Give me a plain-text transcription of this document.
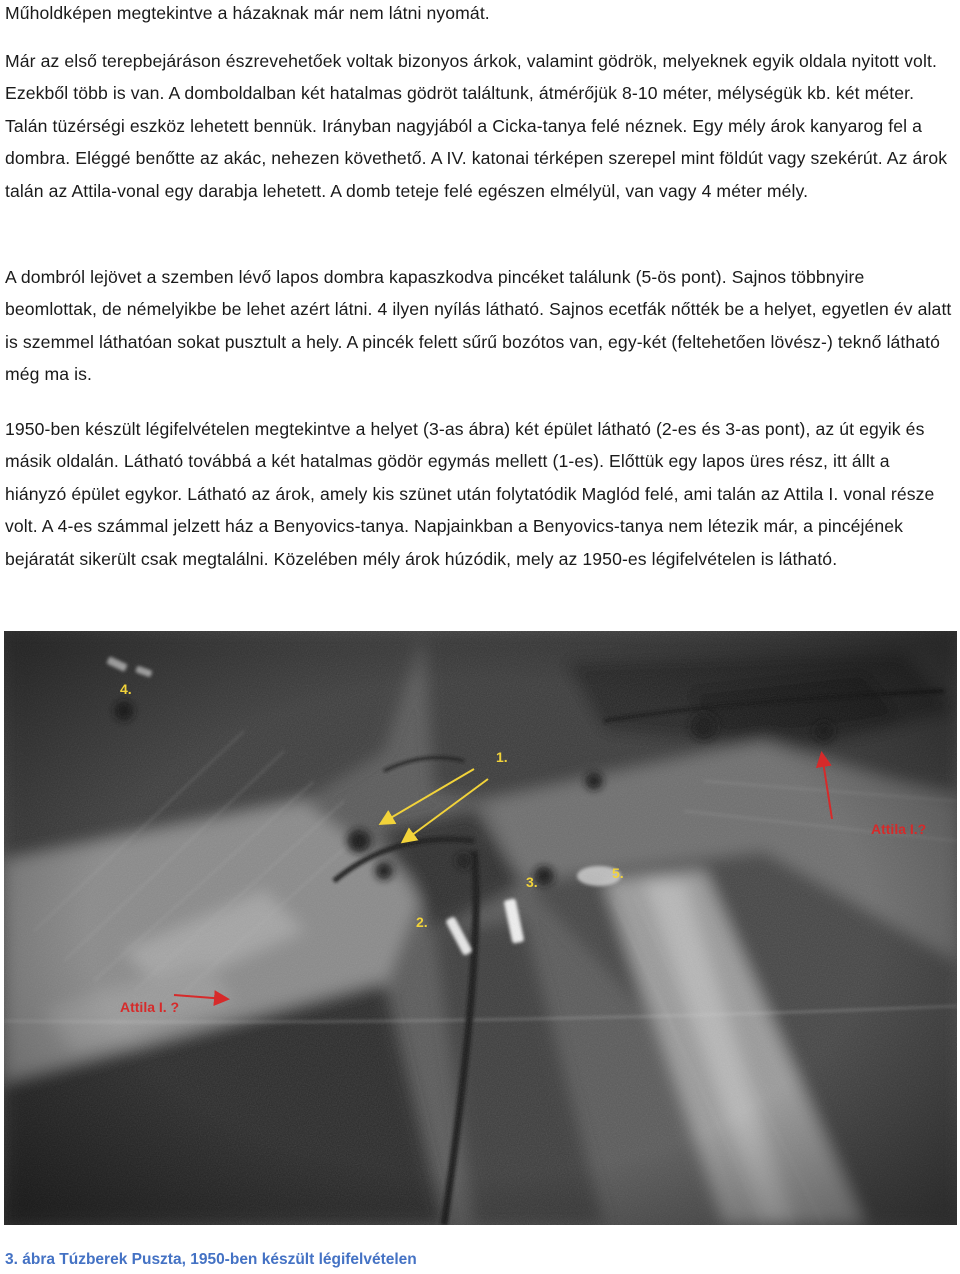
Műholdképen megtekintve a házaknak már nem látni nyomát.

Már az első terepbejáráson észrevehetőek voltak bizonyos árkok, valamint gödrök, melyeknek egyik oldala nyitott volt. Ezekből több is van. A domboldalban két hatalmas gödröt találtunk, átmérőjük 8-10 méter, mélységük kb. két méter. Talán tüzérségi eszköz lehetett bennük. Irányban nagyjából a Cicka-tanya felé néznek. Egy mély árok kanyarog fel a dombra. Eléggé benőtte az akác, nehezen követhető. A IV. katonai térképen szerepel mint földút vagy szekérút. Az árok talán az Attila-vonal egy darabja lehetett. A domb teteje felé egészen elmélyül, van vagy 4 méter mély.

A dombról lejövet a szemben lévő lapos dombra kapaszkodva pincéket találunk (5-ös pont). Sajnos többnyire beomlottak, de némelyikbe be lehet azért látni. 4 ilyen nyílás látható. Sajnos ecetfák nőtték be a helyet, egyetlen év alatt is szemmel láthatóan sokat pusztult a hely. A pincék felett sűrű bozótos van, egy-két (feltehetően lövész-) teknő látható még ma is.

1950-ben készült légifelvételen megtekintve a helyet (3-as ábra) két épület látható (2-es és 3-as pont), az út egyik és másik oldalán. Látható továbbá a két hatalmas gödör egymás mellett (1-es). Előttük egy lapos üres rész, itt állt a hiányzó épület egykor. Látható az árok, amely kis szünet után folytatódik Maglód felé, ami talán az Attila I. vonal része volt. A 4-es számmal jelzett ház a Benyovics-tanya. Napjainkban a Benyovics-tanya nem létezik már, a pincéjének bejáratát sikerült csak megtalálni. Közelében mély árok húzódik, mely az 1950-es légifelvételen is látható.

4.
1.
3.
5.
2.
Attila I.?
Attila I. ?

3. ábra Túzberek Puszta, 1950-ben készült légifelvételen
